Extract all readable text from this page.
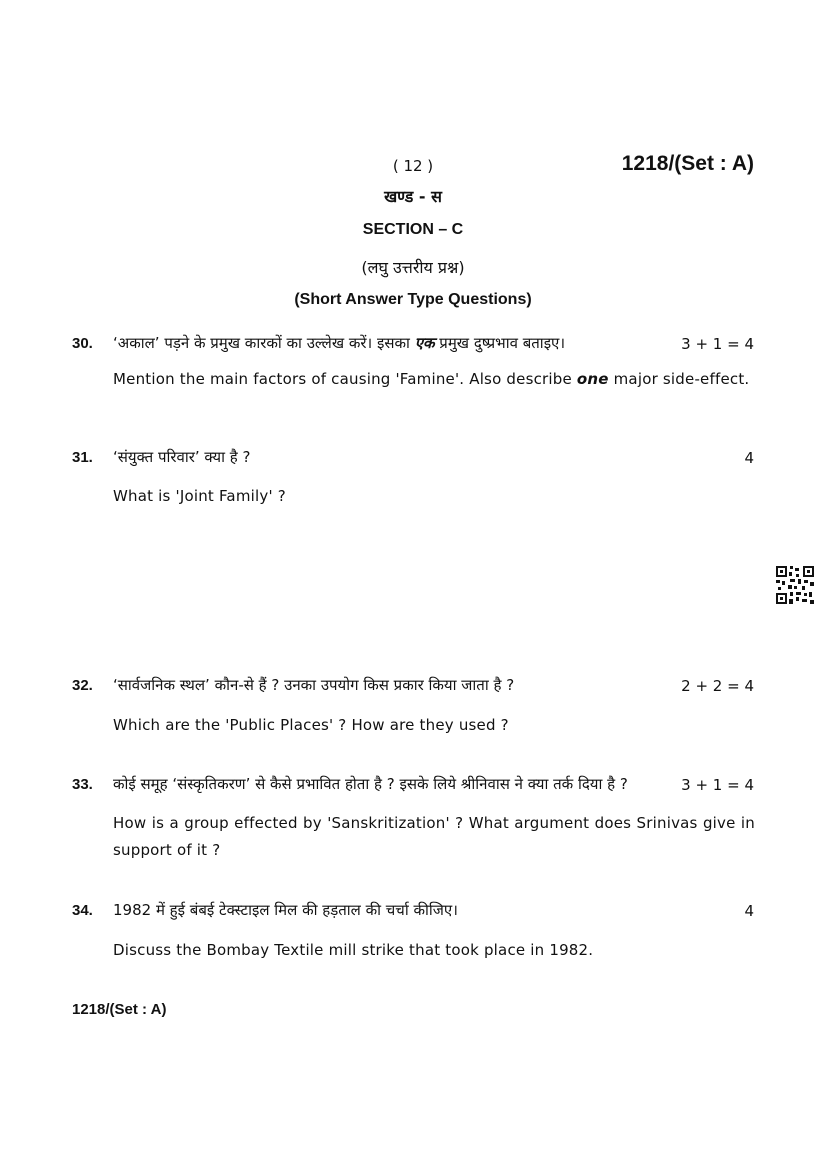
( 12 )	1218/(Set : A)
खण्ड - स
SECTION – C
(लघु उत्तरीय प्रश्न)
(Short Answer Type Questions)
30. ‘अकाल’ पड़ने के प्रमुख कारकों का उल्लेख करें। इसका एक प्रमुख दुष्प्रभाव बताइए।	3 + 1 = 4
Mention the main factors of causing 'Famine'. Also describe one major side-effect.
31. ‘संयुक्त परिवार’ क्या है ?	4
What is 'Joint Family' ?
32. ‘सार्वजनिक स्थल’ कौन-से हैं ? उनका उपयोग किस प्रकार किया जाता है ?	2 + 2 = 4
Which are the 'Public Places' ? How are they used ?
33. कोई समूह ‘संस्कृतिकरण’ से कैसे प्रभावित होता है ? इसके लिये श्रीनिवास ने क्या तर्क दिया है ?	3 + 1 = 4
How is a group effected by 'Sanskritization' ? What argument does Srinivas give in support of it ?
34. 1982 में हुई बंबई टेक्स्टाइल मिल की हड़ताल की चर्चा कीजिए।	4
Discuss the Bombay Textile mill strike that took place in 1982.
1218/(Set : A)
